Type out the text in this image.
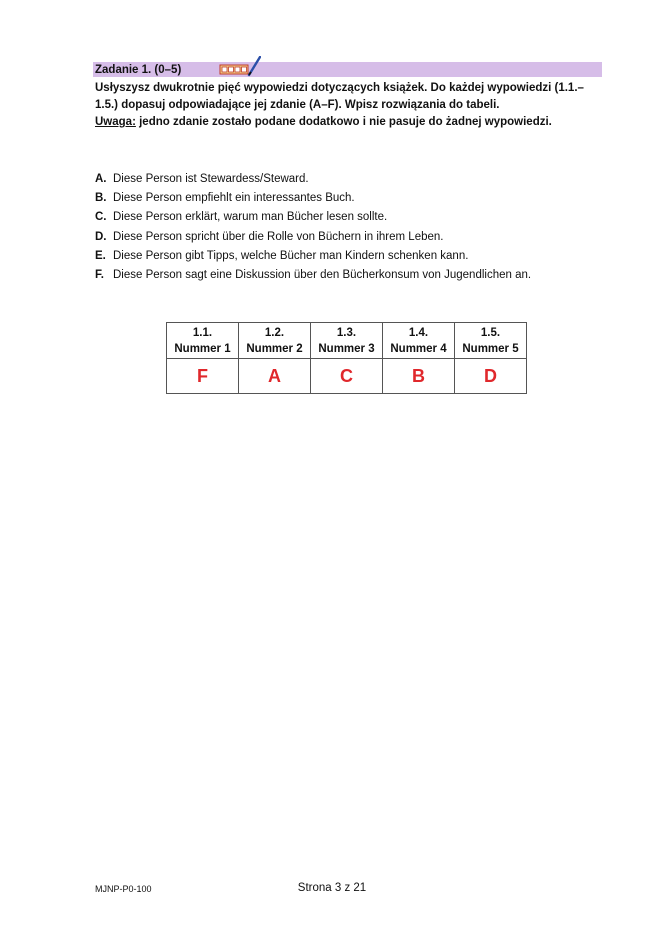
Zadanie 1. (0–5)
Usłyszysz dwukrotnie pięć wypowiedzi dotyczących książek. Do każdej wypowiedzi (1.1.–1.5.) dopasuj odpowiadające jej zdanie (A–F). Wpisz rozwiązania do tabeli.
Uwaga: jedno zdanie zostało podane dodatkowo i nie pasuje do żadnej wypowiedzi.
A. Diese Person ist Stewardess/Steward.
B. Diese Person empfiehlt ein interessantes Buch.
C. Diese Person erklärt, warum man Bücher lesen sollte.
D. Diese Person spricht über die Rolle von Büchern in ihrem Leben.
E. Diese Person gibt Tipps, welche Bücher man Kindern schenken kann.
F. Diese Person sagt eine Diskussion über den Bücherkonsum von Jugendlichen an.
1.1.
Nummer 1	1.2.
Nummer 2	1.3.
Nummer 3	1.4.
Nummer 4	1.5.
Nummer 5
F	A	C	B	D
MJNP-P0-100	Strona 3 z 21
